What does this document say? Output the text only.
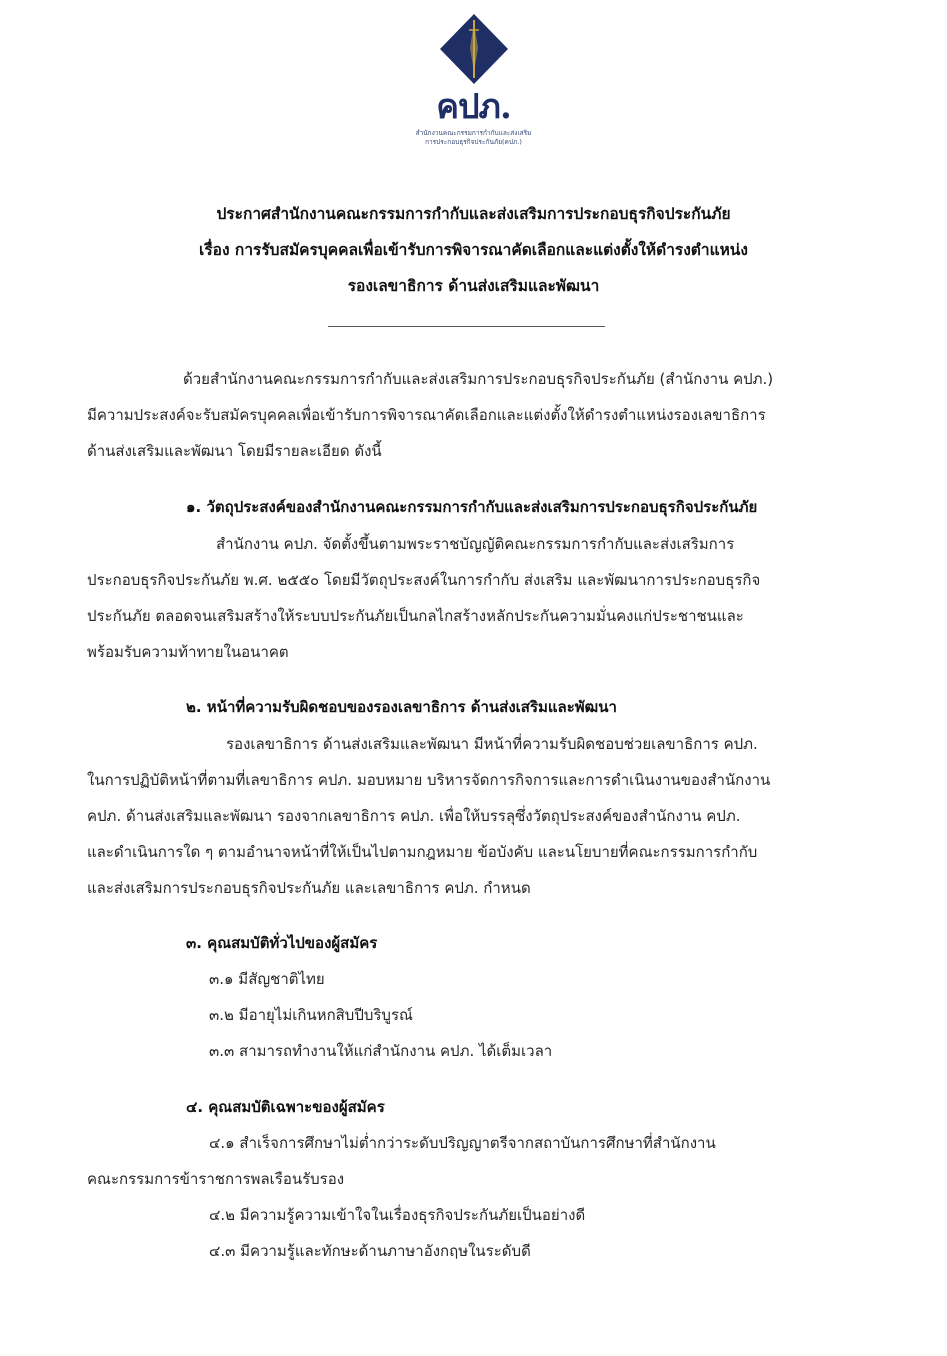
คปภ.
สำนักงานคณะกรรมการกำกับและส่งเสริม
การประกอบธุรกิจประกันภัย(คปภ.)
ประกาศสำนักงานคณะกรรมการกำกับและส่งเสริมการประกอบธุรกิจประกันภัย
เรื่อง การรับสมัครบุคคลเพื่อเข้ารับการพิจารณาคัดเลือกและแต่งตั้งให้ดำรงตำแหน่ง
รองเลขาธิการ ด้านส่งเสริมและพัฒนา
ด้วยสำนักงานคณะกรรมการกำกับและส่งเสริมการประกอบธุรกิจประกันภัย (สำนักงาน คปภ.)
มีความประสงค์จะรับสมัครบุคคลเพื่อเข้ารับการพิจารณาคัดเลือกและแต่งตั้งให้ดำรงตำแหน่งรองเลขาธิการ
ด้านส่งเสริมและพัฒนา โดยมีรายละเอียด ดังนี้
๑. วัตถุประสงค์ของสำนักงานคณะกรรมการกำกับและส่งเสริมการประกอบธุรกิจประกันภัย
สำนักงาน คปภ. จัดตั้งขึ้นตามพระราชบัญญัติคณะกรรมการกำกับและส่งเสริมการ
ประกอบธุรกิจประกันภัย พ.ศ. ๒๕๕๐ โดยมีวัตถุประสงค์ในการกำกับ ส่งเสริม และพัฒนาการประกอบธุรกิจ
ประกันภัย ตลอดจนเสริมสร้างให้ระบบประกันภัยเป็นกลไกสร้างหลักประกันความมั่นคงแก่ประชาชนและ
พร้อมรับความท้าทายในอนาคต
๒. หน้าที่ความรับผิดชอบของรองเลขาธิการ ด้านส่งเสริมและพัฒนา
รองเลขาธิการ ด้านส่งเสริมและพัฒนา มีหน้าที่ความรับผิดชอบช่วยเลขาธิการ คปภ.
ในการปฏิบัติหน้าที่ตามที่เลขาธิการ คปภ. มอบหมาย บริหารจัดการกิจการและการดำเนินงานของสำนักงาน
คปภ. ด้านส่งเสริมและพัฒนา รองจากเลขาธิการ คปภ. เพื่อให้บรรลุซึ่งวัตถุประสงค์ของสำนักงาน คปภ.
และดำเนินการใด ๆ ตามอำนาจหน้าที่ให้เป็นไปตามกฎหมาย ข้อบังคับ และนโยบายที่คณะกรรมการกำกับ
และส่งเสริมการประกอบธุรกิจประกันภัย และเลขาธิการ คปภ. กำหนด
๓. คุณสมบัติทั่วไปของผู้สมัคร
๓.๑ มีสัญชาติไทย
๓.๒ มีอายุไม่เกินหกสิบปีบริบูรณ์
๓.๓ สามารถทำงานให้แก่สำนักงาน คปภ. ได้เต็มเวลา
๔. คุณสมบัติเฉพาะของผู้สมัคร
๔.๑ สำเร็จการศึกษาไม่ต่ำกว่าระดับปริญญาตรีจากสถาบันการศึกษาที่สำนักงาน
คณะกรรมการข้าราชการพลเรือนรับรอง
๔.๒ มีความรู้ความเข้าใจในเรื่องธุรกิจประกันภัยเป็นอย่างดี
๔.๓ มีความรู้และทักษะด้านภาษาอังกฤษในระดับดี
